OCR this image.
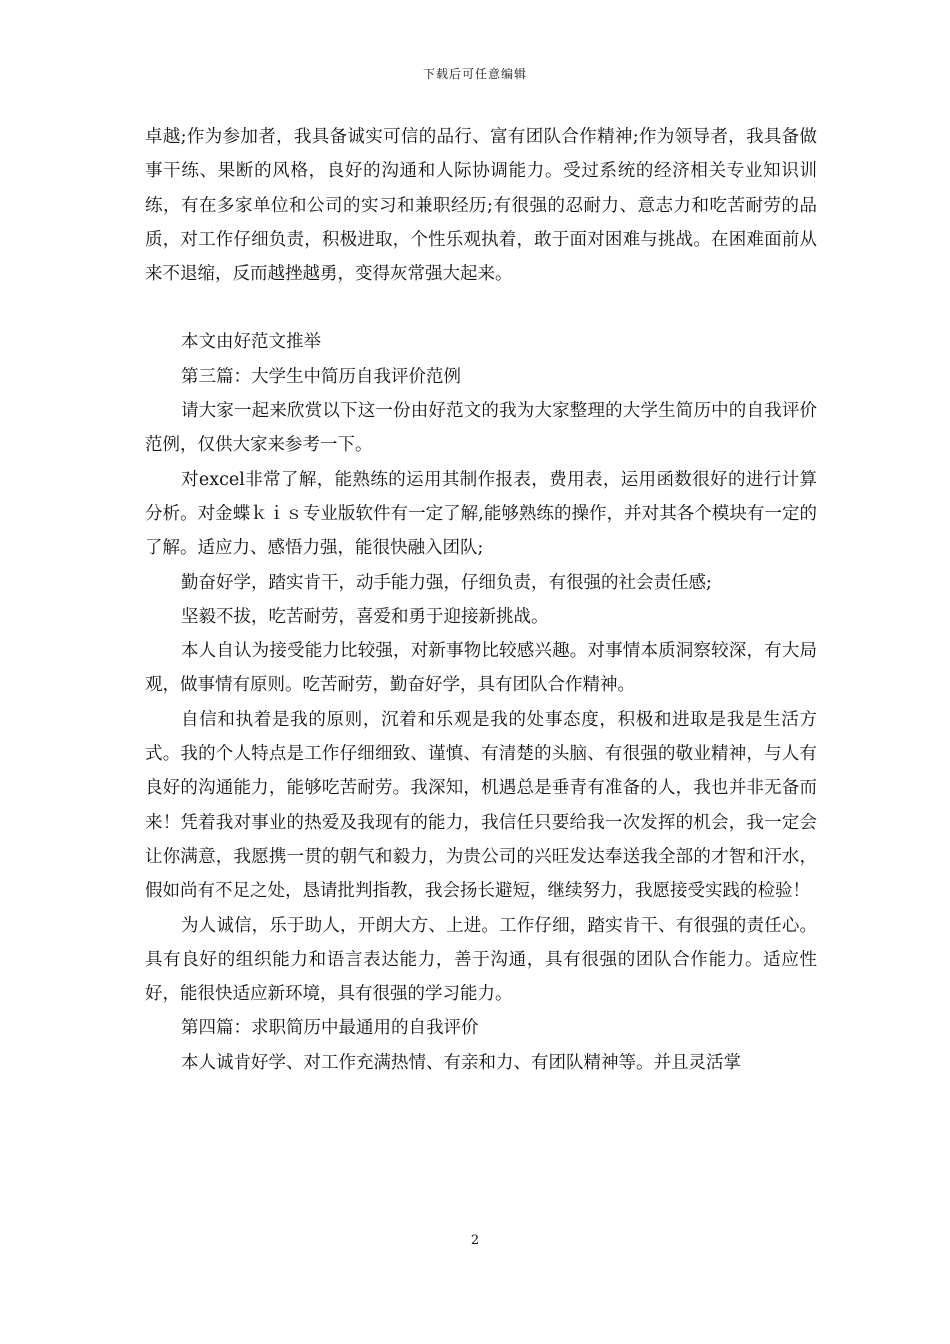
下载后可任意编辑
卓越;作为参加者，我具备诚实可信的品行、富有团队合作精神;作为领导者，我具备做事干练、果断的风格，良好的沟通和人际协调能力。受过系统的经济相关专业知识训练，有在多家单位和公司的实习和兼职经历;有很强的忍耐力、意志力和吃苦耐劳的品质，对工作仔细负责，积极进取，个性乐观执着，敢于面对困难与挑战。在困难面前从来不退缩，反而越挫越勇，变得灰常强大起来。
本文由好范文推举
第三篇：大学生中简历自我评价范例
请大家一起来欣赏以下这一份由好范文的我为大家整理的大学生简历中的自我评价范例，仅供大家来参考一下。
对excel非常了解，能熟练的运用其制作报表，费用表，运用函数很好的进行计算分析。对金蝶ｋｉｓ专业版软件有一定了解,能够熟练的操作，并对其各个模块有一定的了解。适应力、感悟力强，能很快融入团队;
勤奋好学，踏实肯干，动手能力强，仔细负责，有很强的社会责任感;
坚毅不拔，吃苦耐劳，喜爱和勇于迎接新挑战。
本人自认为接受能力比较强，对新事物比较感兴趣。对事情本质洞察较深，有大局观，做事情有原则。吃苦耐劳，勤奋好学，具有团队合作精神。
自信和执着是我的原则，沉着和乐观是我的处事态度，积极和进取是我是生活方式。我的个人特点是工作仔细细致、谨慎、有清楚的头脑、有很强的敬业精神，与人有良好的沟通能力，能够吃苦耐劳。我深知，机遇总是垂青有准备的人，我也并非无备而来！凭着我对事业的热爱及我现有的能力，我信任只要给我一次发挥的机会，我一定会让你满意，我愿携一贯的朝气和毅力，为贵公司的兴旺发达奉送我全部的才智和汗水，假如尚有不足之处，恳请批判指教，我会扬长避短，继续努力，我愿接受实践的检验！
为人诚信，乐于助人，开朗大方、上进。工作仔细，踏实肯干、有很强的责任心。具有良好的组织能力和语言表达能力，善于沟通，具有很强的团队合作能力。适应性好，能很快适应新环境，具有很强的学习能力。
第四篇：求职简历中最通用的自我评价
本人诚肯好学、对工作充满热情、有亲和力、有团队精神等。并且灵活掌
2
